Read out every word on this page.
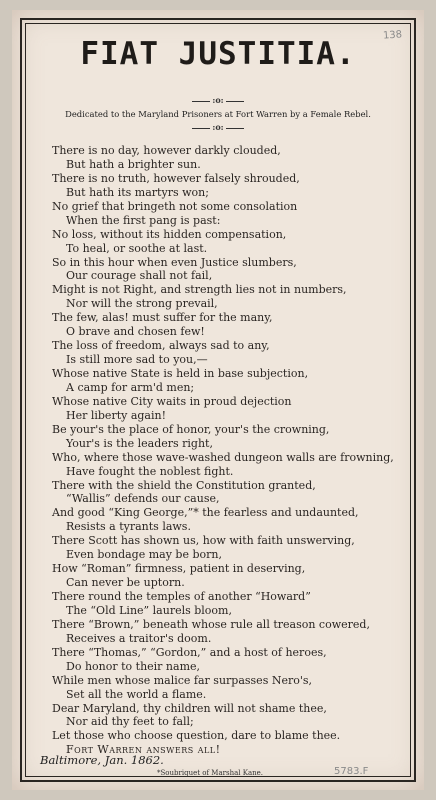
138
FIAT JUSTITIA.
:o:
Dedicated to the Maryland Prisoners at Fort Warren by a Female Rebel.
:o:
There is no day, however darkly clouded,
But hath a brighter sun.
There is no truth, however falsely shrouded,
But hath its martyrs won;
No grief that bringeth not some consolation
When the first pang is past:
No loss, without its hidden compensation,
To heal, or soothe at last.
So in this hour when even Justice slumbers,
Our courage shall not fail,
Might is not Right, and strength lies not in numbers,
Nor will the strong prevail,
The few, alas! must suffer for the many,
O brave and chosen few!
The loss of freedom, always sad to any,
Is still more sad to you,—
Whose native State is held in base subjection,
A camp for arm'd men;
Whose native City waits in proud dejection
Her liberty again!
Be your's the place of honor, your's the crowning,
Your's is the leaders right,
Who, where those wave-washed dungeon walls are frowning,
Have fought the noblest fight.
There with the shield the Constitution granted,
“Wallis” defends our cause,
And good “King George,”* the fearless and undaunted,
Resists a tyrants laws.
There Scott has shown us, how with faith unswerving,
Even bondage may be born,
How “Roman” firmness, patient in deserving,
Can never be uptorn.
There round the temples of another “Howard”
The “Old Line” laurels bloom,
There “Brown,” beneath whose rule all treason cowered,
Receives a traitor's doom.
There “Thomas,” “Gordon,” and a host of heroes,
Do honor to their name,
While men whose malice far surpasses Nero's,
Set all the world a flame.
Dear Maryland, thy children will not shame thee,
Nor aid thy feet to fall;
Let those who choose question, dare to blame thee.
Fort Warren answers all!
Baltimore, Jan. 1862.
*Soubriquet of Marshal Kane.	5783.F
